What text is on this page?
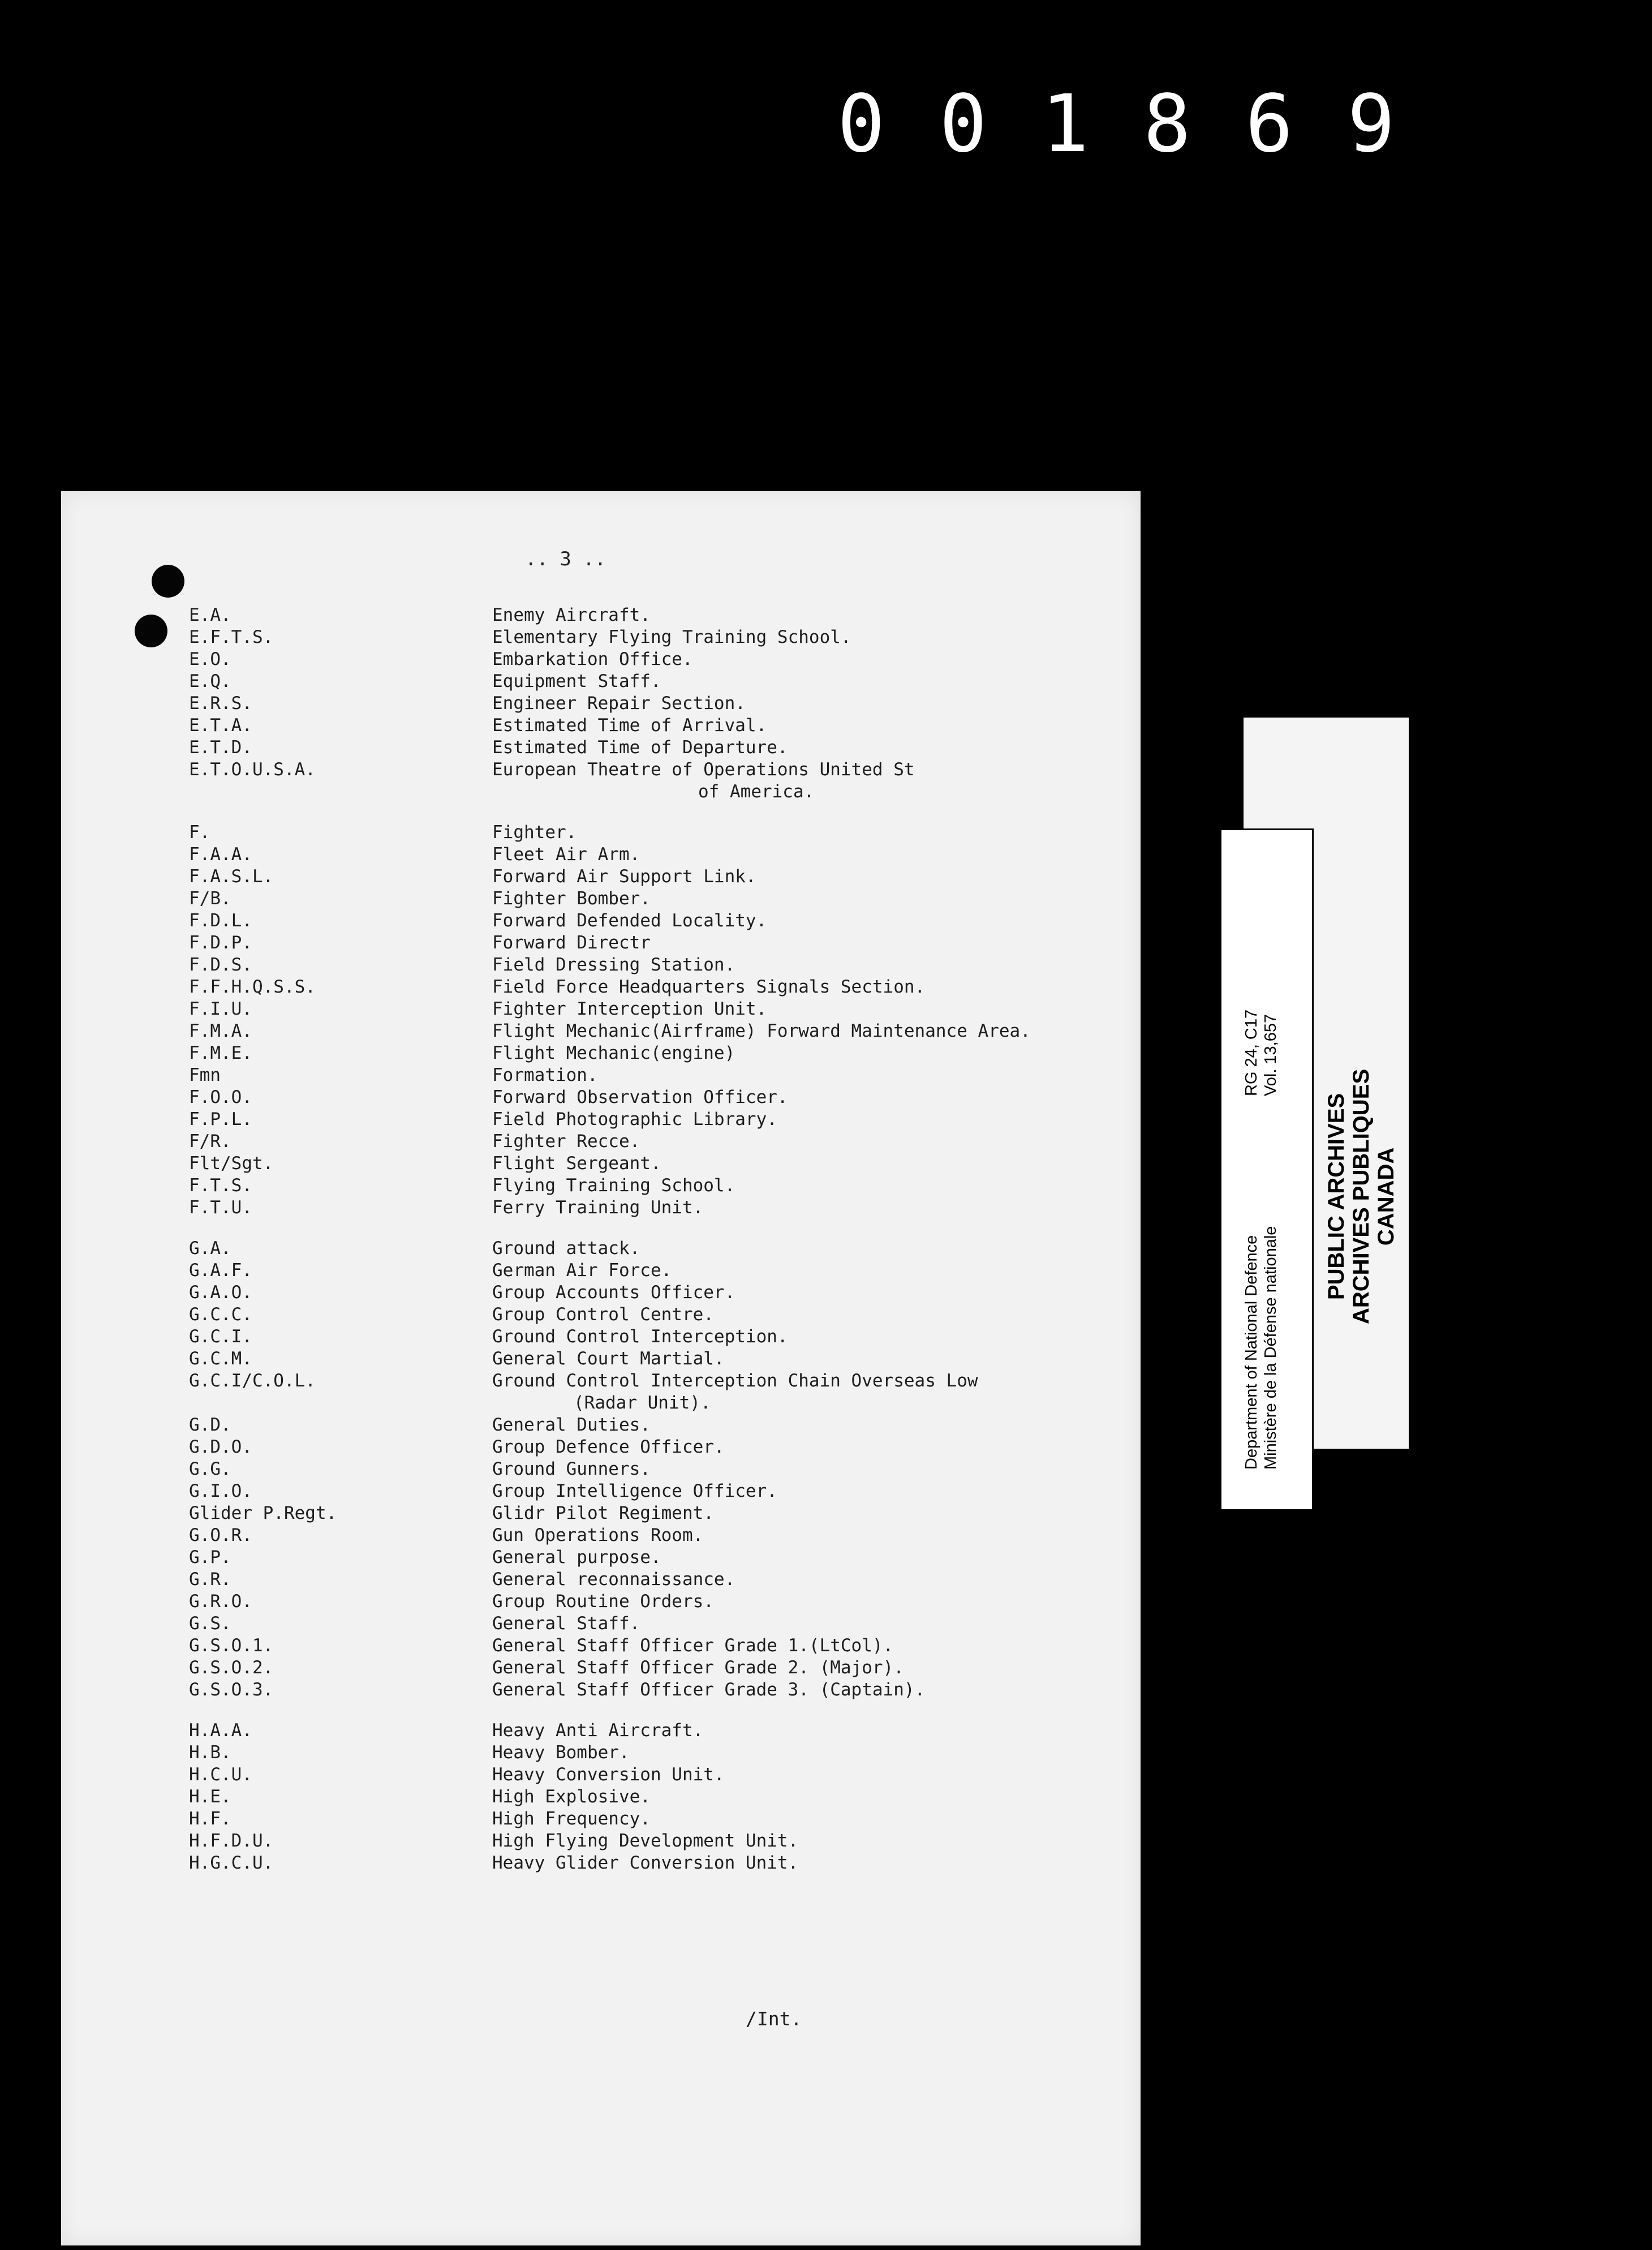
001869
.. 3 ..
E.A.	Enemy Aircraft.
E.F.T.S.	Elementary Flying Training School.
E.O.	Embarkation Office.
E.Q.	Equipment Staff.
E.R.S.	Engineer Repair Section.
E.T.A.	Estimated Time of Arrival.
E.T.D.	Estimated Time of Departure.
E.T.O.U.S.A.	European Theatre of Operations United St
of America.
F.	Fighter.
F.A.A.	Fleet Air Arm.
F.A.S.L.	Forward Air Support Link.
F/B.	Fighter Bomber.
F.D.L.	Forward Defended Locality.
F.D.P.	Forward Directr
F.D.S.	Field Dressing Station.
F.F.H.Q.S.S.	Field Force Headquarters Signals Section.
F.I.U.	Fighter Interception Unit.
F.M.A.	Flight Mechanic(Airframe) Forward Maintenance Area.
F.M.E.	Flight Mechanic(engine)
Fmn	Formation.
F.O.O.	Forward Observation Officer.
F.P.L.	Field Photographic Library.
F/R.	Fighter Recce.
Flt/Sgt.	Flight Sergeant.
F.T.S.	Flying Training School.
F.T.U.	Ferry Training Unit.
G.A.	Ground attack.
G.A.F.	German Air Force.
G.A.O.	Group Accounts Officer.
G.C.C.	Group Control Centre.
G.C.I.	Ground Control Interception.
G.C.M.	General Court Martial.
G.C.I/C.O.L.	Ground Control Interception Chain Overseas Low
(Radar Unit).
G.D.	General Duties.
G.D.O.	Group Defence Officer.
G.G.	Ground Gunners.
G.I.O.	Group Intelligence Officer.
Glider P.Regt.	Glidr Pilot Regiment.
G.O.R.	Gun Operations Room.
G.P.	General purpose.
G.R.	General reconnaissance.
G.R.O.	Group Routine Orders.
G.S.	General Staff.
G.S.O.1.	General Staff Officer Grade 1.(LtCol).
G.S.O.2.	General Staff Officer Grade 2. (Major).
G.S.O.3.	General Staff Officer Grade 3. (Captain).
H.A.A.	Heavy Anti Aircraft.
H.B.	Heavy Bomber.
H.C.U.	Heavy Conversion Unit.
H.E.	High Explosive.
H.F.	High Frequency.
H.F.D.U.	High Flying Development Unit.
H.G.C.U.	Heavy Glider Conversion Unit.
/Int.
Department of National Defence Ministère de la Défense nationale
RG 24, C17 Vol. 13,657
PUBLIC ARCHIVES ARCHIVES PUBLIQUES CANADA
